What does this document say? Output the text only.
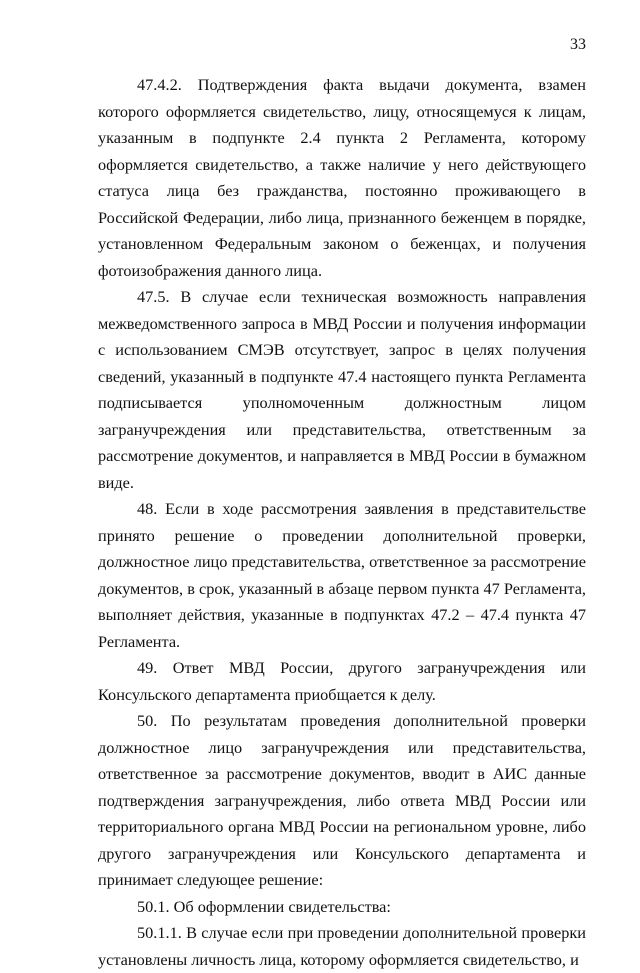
33

47.4.2. Подтверждения факта выдачи документа, взамен которого оформляется свидетельство, лицу, относящемуся к лицам, указанным в подпункте 2.4 пункта 2 Регламента, которому оформляется свидетельство, а также наличие у него действующего статуса лица без гражданства, постоянно проживающего в Российской Федерации, либо лица, признанного беженцем в порядке, установленном Федеральным законом о беженцах, и получения фотоизображения данного лица.

47.5. В случае если техническая возможность направления межведомственного запроса в МВД России и получения информации с использованием СМЭВ отсутствует, запрос в целях получения сведений, указанный в подпункте 47.4 настоящего пункта Регламента подписывается уполномоченным должностным лицом загранучреждения или представительства, ответственным за рассмотрение документов, и направляется в МВД России в бумажном виде.

48. Если в ходе рассмотрения заявления в представительстве принято решение о проведении дополнительной проверки, должностное лицо представительства, ответственное за рассмотрение документов, в срок, указанный в абзаце первом пункта 47 Регламента, выполняет действия, указанные в подпунктах 47.2 – 47.4 пункта 47 Регламента.

49. Ответ МВД России, другого загранучреждения или Консульского департамента приобщается к делу.

50. По результатам проведения дополнительной проверки должностное лицо загранучреждения или представительства, ответственное за рассмотрение документов, вводит в АИС данные подтверждения загранучреждения, либо ответа МВД России или территориального органа МВД России на региональном уровне, либо другого загранучреждения или Консульского департамента и принимает следующее решение:

50.1. Об оформлении свидетельства:

50.1.1. В случае если при проведении дополнительной проверки установлены личность лица, которому оформляется свидетельство, и
